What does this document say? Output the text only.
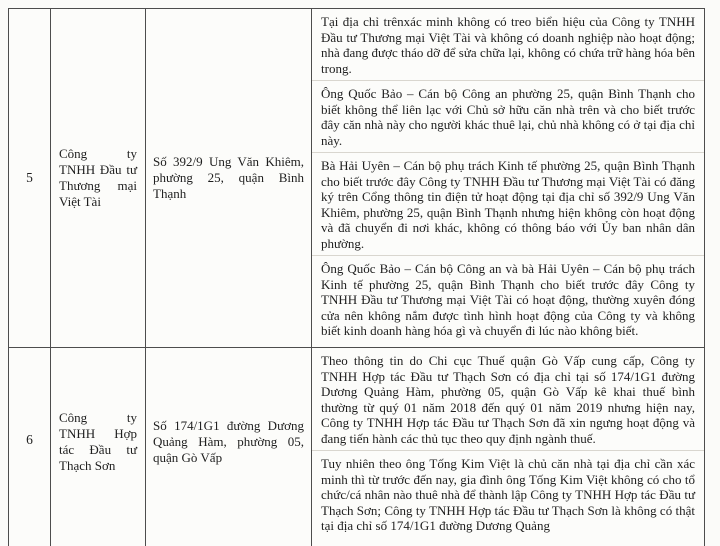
5
Công ty TNHH Đầu tư Thương mại Việt Tài
Số 392/9 Ung Văn Khiêm, phường 25, quận Bình Thạnh
Tại địa chỉ trênxác minh không có treo biển hiệu của Công ty TNHH Đầu tư Thương mại Việt Tài và không có doanh nghiệp nào hoạt động; nhà đang được tháo dỡ để sửa chữa lại, không có chứa trữ hàng hóa bên trong.
Ông Quốc Bảo – Cán bộ Công an phường 25, quận Bình Thạnh cho biết không thể liên lạc với Chủ sở hữu căn nhà trên và cho biết trước đây căn nhà này cho người khác thuê lại, chủ nhà không có ở tại địa chỉ này.
Bà Hải Uyên – Cán bộ phụ trách Kinh tế phường 25, quận Bình Thạnh cho biết trước đây Công ty TNHH Đầu tư Thương mại Việt Tài có đăng ký trên Cổng thông tin điện tử hoạt động tại địa chỉ số 392/9 Ung Văn Khiêm, phường 25, quận Bình Thạnh nhưng hiện không còn hoạt động và đã chuyển đi nơi khác, không có thông báo với Ủy ban nhân dân phường.
Ông Quốc Bảo – Cán bộ Công an và bà Hải Uyên – Cán bộ phụ trách Kinh tế phường 25, quận Bình Thạnh cho biết trước đây Công ty TNHH Đầu tư Thương mại Việt Tài có hoạt động, thường xuyên đóng cửa nên không nắm được tình hình hoạt động của Công ty và không biết kinh doanh hàng hóa gì và chuyển đi lúc nào không biết.
6
Công ty TNHH Hợp tác Đầu tư Thạch Sơn
Số 174/1G1 đường Dương Quảng Hàm, phường 05, quận Gò Vấp
Theo thông tin do Chi cục Thuế quận Gò Vấp cung cấp, Công ty TNHH Hợp tác Đầu tư Thạch Sơn có địa chỉ tại số 174/1G1 đường Dương Quảng Hàm, phường 05, quận Gò Vấp kê khai thuế bình thường từ quý 01 năm 2018 đến quý 01 năm 2019 nhưng hiện nay, Công ty TNHH Hợp tác Đầu tư Thạch Sơn đã xin ngưng hoạt động và đang tiến hành các thủ tục theo quy định ngành thuế.
Tuy nhiên theo ông Tống Kim Việt là chủ căn nhà tại địa chỉ cần xác minh thì từ trước đến nay, gia đình ông Tống Kim Việt không có cho tổ chức/cá nhân nào thuê nhà để thành lập Công ty TNHH Hợp tác Đầu tư Thạch Sơn; Công ty TNHH Hợp tác Đầu tư Thạch Sơn là không có thật tại địa chỉ số 174/1G1 đường Dương Quảng
